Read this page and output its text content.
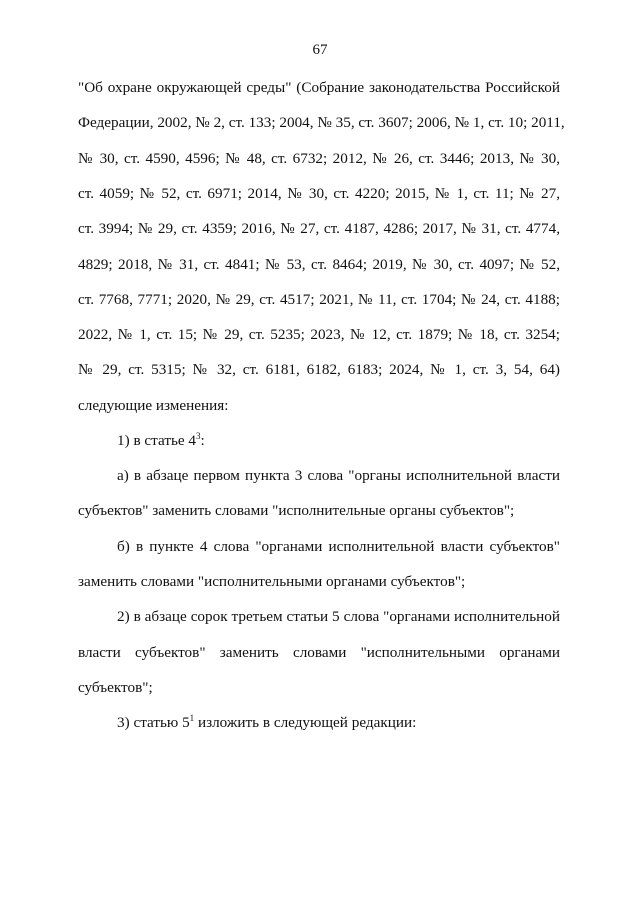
67
"Об охране окружающей среды" (Собрание законодательства Российской
Федерации, 2002, № 2, ст. 133; 2004, № 35, ст. 3607; 2006, № 1, ст. 10; 2011,
№ 30, ст. 4590, 4596; № 48, ст. 6732; 2012, № 26, ст. 3446; 2013, № 30,
ст. 4059; № 52, ст. 6971; 2014, № 30, ст. 4220; 2015, № 1, ст. 11; № 27,
ст. 3994; № 29, ст. 4359; 2016, № 27, ст. 4187, 4286; 2017, № 31, ст. 4774,
4829; 2018, № 31, ст. 4841; № 53, ст. 8464; 2019, № 30, ст. 4097; № 52,
ст. 7768, 7771; 2020, № 29, ст. 4517; 2021, № 11, ст. 1704; № 24, ст. 4188;
2022, № 1, ст. 15; № 29, ст. 5235; 2023, № 12, ст. 1879; № 18, ст. 3254;
№ 29, ст. 5315; № 32, ст. 6181, 6182, 6183; 2024, № 1, ст. 3, 54, 64)
следующие изменения:
1) в статье $4^3$:
а) в абзаце первом пункта 3 слова "органы исполнительной власти
субъектов" заменить словами "исполнительные органы субъектов";
б) в пункте 4 слова "органами исполнительной власти субъектов"
заменить словами "исполнительными органами субъектов";
2) в абзаце сорок третьем статьи 5 слова "органами исполнительной
власти субъектов" заменить словами "исполнительными органами
субъектов";
3) статью $5^1$ изложить в следующей редакции:
